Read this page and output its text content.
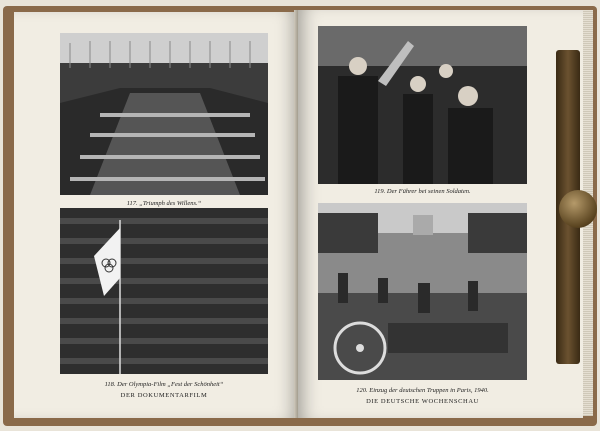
117. „Triumph des Willens.“
118. Der Olympia-Film „Fest der Schönheit“
DER DOKUMENTARFILM
119. Der Führer bei seinen Soldaten.
120. Einzug der deutschen Truppen in Paris, 1940.
DIE DEUTSCHE WOCHENSCHAU
